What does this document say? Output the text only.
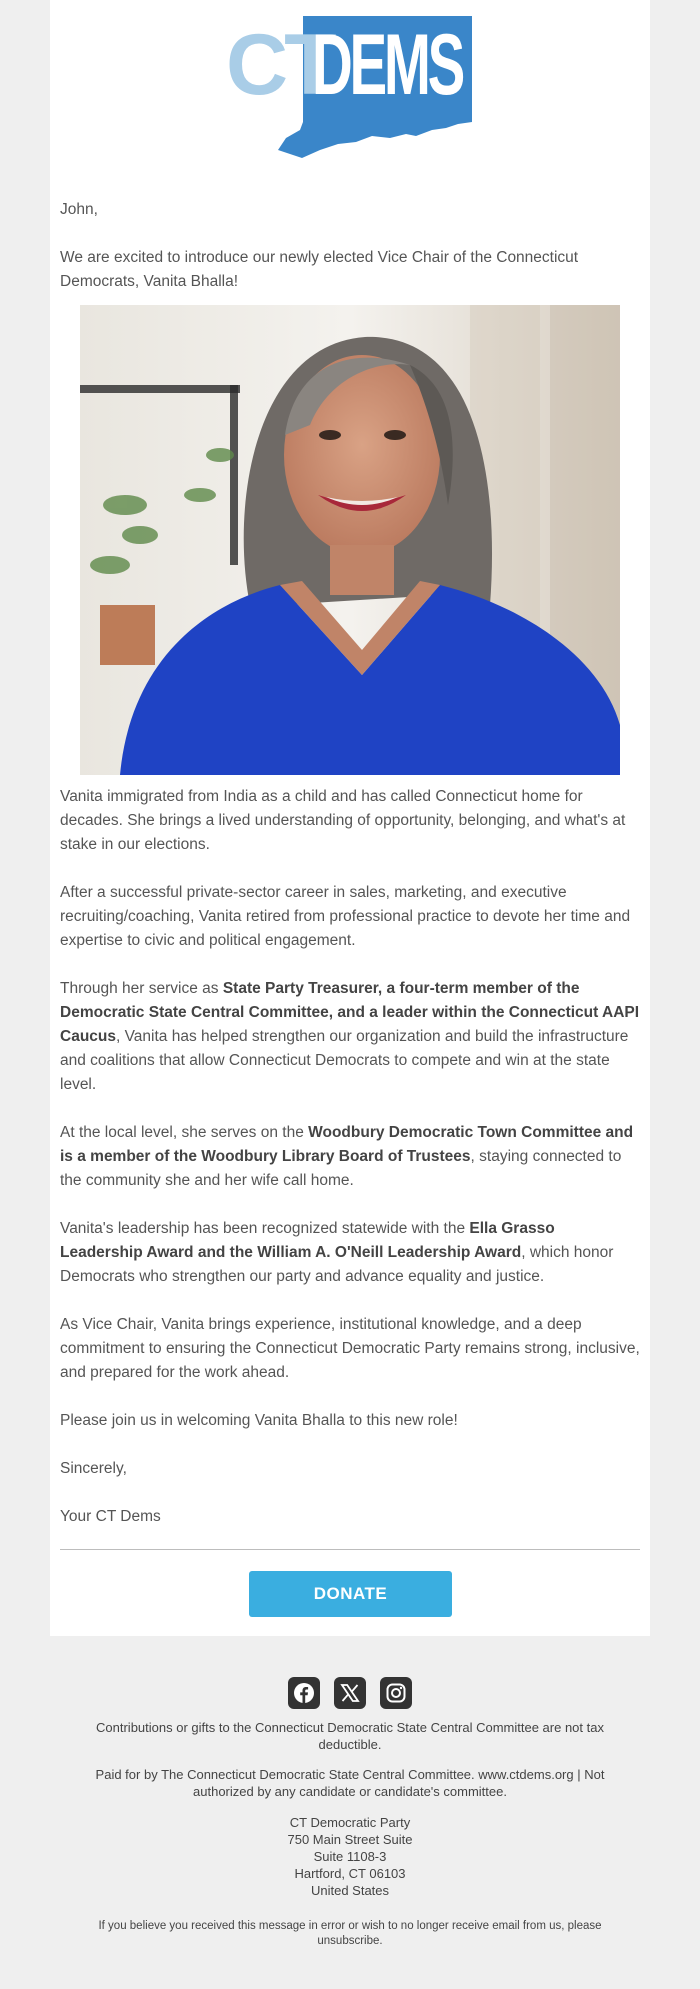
CT
DEMS
John,
We are excited to introduce our newly elected Vice Chair of the Connecticut Democrats, Vanita Bhalla!
Vanita immigrated from India as a child and has called Connecticut home for decades. She brings a lived understanding of opportunity, belonging, and what's at stake in our elections.
After a successful private-sector career in sales, marketing, and executive recruiting/coaching, Vanita retired from professional practice to devote her time and expertise to civic and political engagement.
Through her service as State Party Treasurer, a four-term member of the Democratic State Central Committee, and a leader within the Connecticut AAPI Caucus, Vanita has helped strengthen our organization and build the infrastructure and coalitions that allow Connecticut Democrats to compete and win at the state level.
At the local level, she serves on the Woodbury Democratic Town Committee and is a member of the Woodbury Library Board of Trustees, staying connected to the community she and her wife call home.
Vanita's leadership has been recognized statewide with the Ella Grasso Leadership Award and the William A. O'Neill Leadership Award, which honor Democrats who strengthen our party and advance equality and justice.
As Vice Chair, Vanita brings experience, institutional knowledge, and a deep commitment to ensuring the Connecticut Democratic Party remains strong, inclusive, and prepared for the work ahead.
Please join us in welcoming Vanita Bhalla to this new role!
Sincerely,
Your CT Dems
DONATE
Contributions or gifts to the Connecticut Democratic State Central Committee are not tax deductible.
Paid for by The Connecticut Democratic State Central Committee. www.ctdems.org | Not authorized by any candidate or candidate's committee.
CT Democratic Party
750 Main Street Suite
Suite 1108-3
Hartford, CT 06103
United States
If you believe you received this message in error or wish to no longer receive email from us, please unsubscribe.
